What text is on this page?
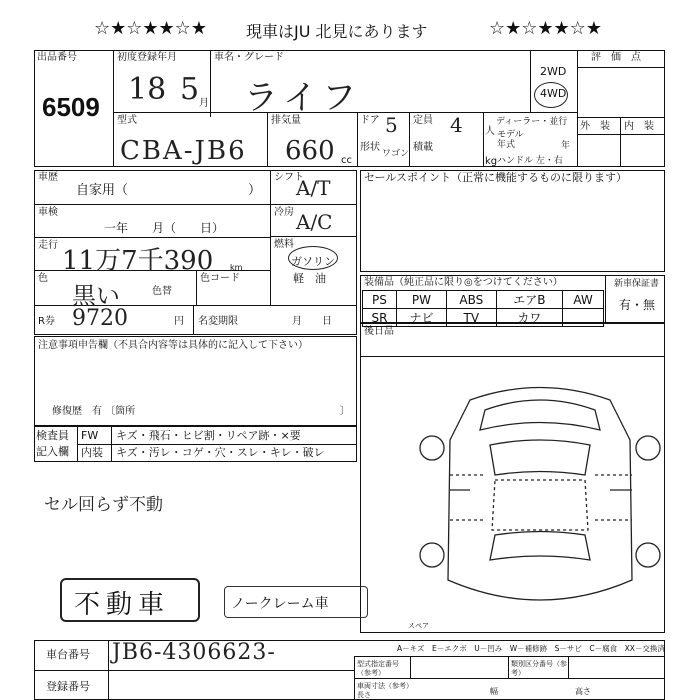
☆★☆★★☆★ 現車はJU 北見にあります	☆★☆★★☆★
出品番号
6509
初度登録年月
18 5 月
車名・グレード
ライフ
2WD
4WD
評　価　点
型式
CBA-JB6
排気量
660 cc
ドア 5
形状
ワゴン
定員 4 人
積載
kg
ディーラー・並行
モデル年式	年
ハンドル 左・右
外　装 内　装
車歴
自家用（	）
車検
一年　　月（　　日）
走行
11万7千390 km
色
黒い	色替
色コード
シフト
A/T
冷房 A/C
燃料
ガソリン
軽　油
R券 9720	円 名変期限	月　　日
注意事項申告欄（不具合内容等は具体的に記入して下さい）
修復歴　有 〔箇所	〕
検査員
記入欄
FW キズ・飛石・ヒビ割・リペア跡・×要
内装 キズ・汚レ・コゲ・穴・スレ・キレ・破レ
セールスポイント（正常に機能するものに限ります）
装備品（純正品に限り◎をつけてください）	新車保証書
有・無
PS	PW	ABS	エアB	AW
SR	ナビ	TV	カワ	
後日品
スペア
セル回らず不動
不動車	ノークレーム車
A－キズ　E－エクボ　U－凹み　W－補修跡　S－サビ　C－腐食　XX－交換済
車台番号 JB6-4306623-
登録番号
型式指定番号（参考）
類別区分番号（参考）
車両寸法（参考）長さ	幅	高さ
